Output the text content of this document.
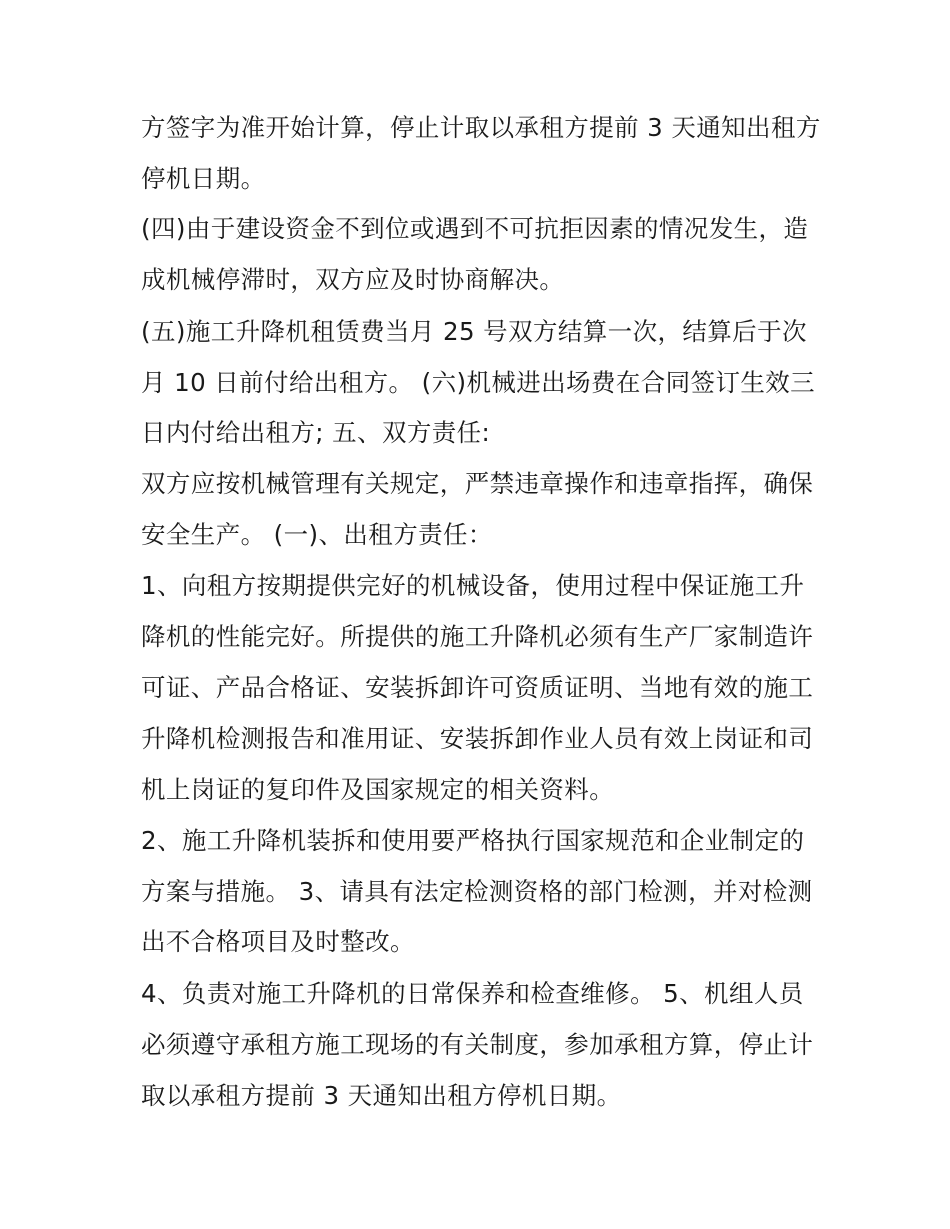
方签字为准开始计算，停止计取以承租方提前 3 天通知出租方
停机日期。
(四)由于建设资金不到位或遇到不可抗拒因素的情况发生，造
成机械停滞时，双方应及时协商解决。
(五)施工升降机租赁费当月 25 号双方结算一次，结算后于次
月 10 日前付给出租方。 (六)机械进出场费在合同签订生效三
日内付给出租方; 五、双方责任:
双方应按机械管理有关规定，严禁违章操作和违章指挥，确保
安全生产。 (一)、出租方责任：
1、向租方按期提供完好的机械设备，使用过程中保证施工升
降机的性能完好。所提供的施工升降机必须有生产厂家制造许
可证、产品合格证、安装拆卸许可资质证明、当地有效的施工
升降机检测报告和准用证、安装拆卸作业人员有效上岗证和司
机上岗证的复印件及国家规定的相关资料。
2、施工升降机装拆和使用要严格执行国家规范和企业制定的
方案与措施。 3、请具有法定检测资格的部门检测，并对检测
出不合格项目及时整改。
4、负责对施工升降机的日常保养和检查维修。 5、机组人员
必须遵守承租方施工现场的有关制度，参加承租方算，停止计
取以承租方提前 3 天通知出租方停机日期。
